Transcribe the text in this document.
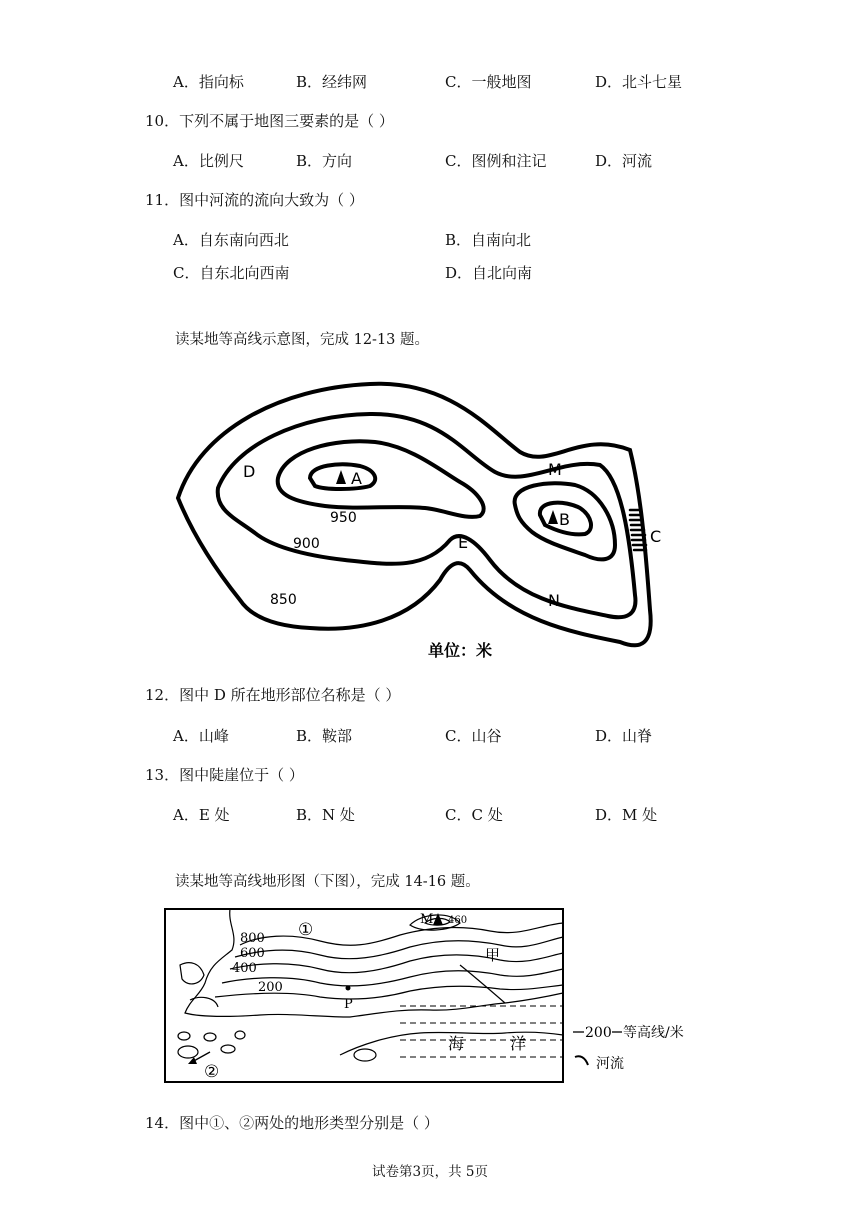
A．指向标	B．经纬网	C．一般地图	D．北斗七星
10．下列不属于地图三要素的是（ ）
A．比例尺	B．方向	C．图例和注记	D．河流
11．图中河流的流向大致为（ ）
A．自东南向西北	B．自南向北
C．自东北向西南	D．自北向南
读某地等高线示意图，完成 12-13 题。
A
B
C
D
E
M
N
950
900
850
单位：米
12．图中 D 所在地形部位名称是（ ）
A．山峰	B．鞍部	C．山谷	D．山脊
13．图中陡崖位于（ ）
A．E 处	B．N 处	C．C 处	D．M 处
读某地等高线地形图（下图），完成 14-16 题。
①
②
M 460
800
600
400
200
P
甲
海	洋
200 等高线/米
河流
14．图中①、②两处的地形类型分别是（ ）
试卷第3页，共 5页
